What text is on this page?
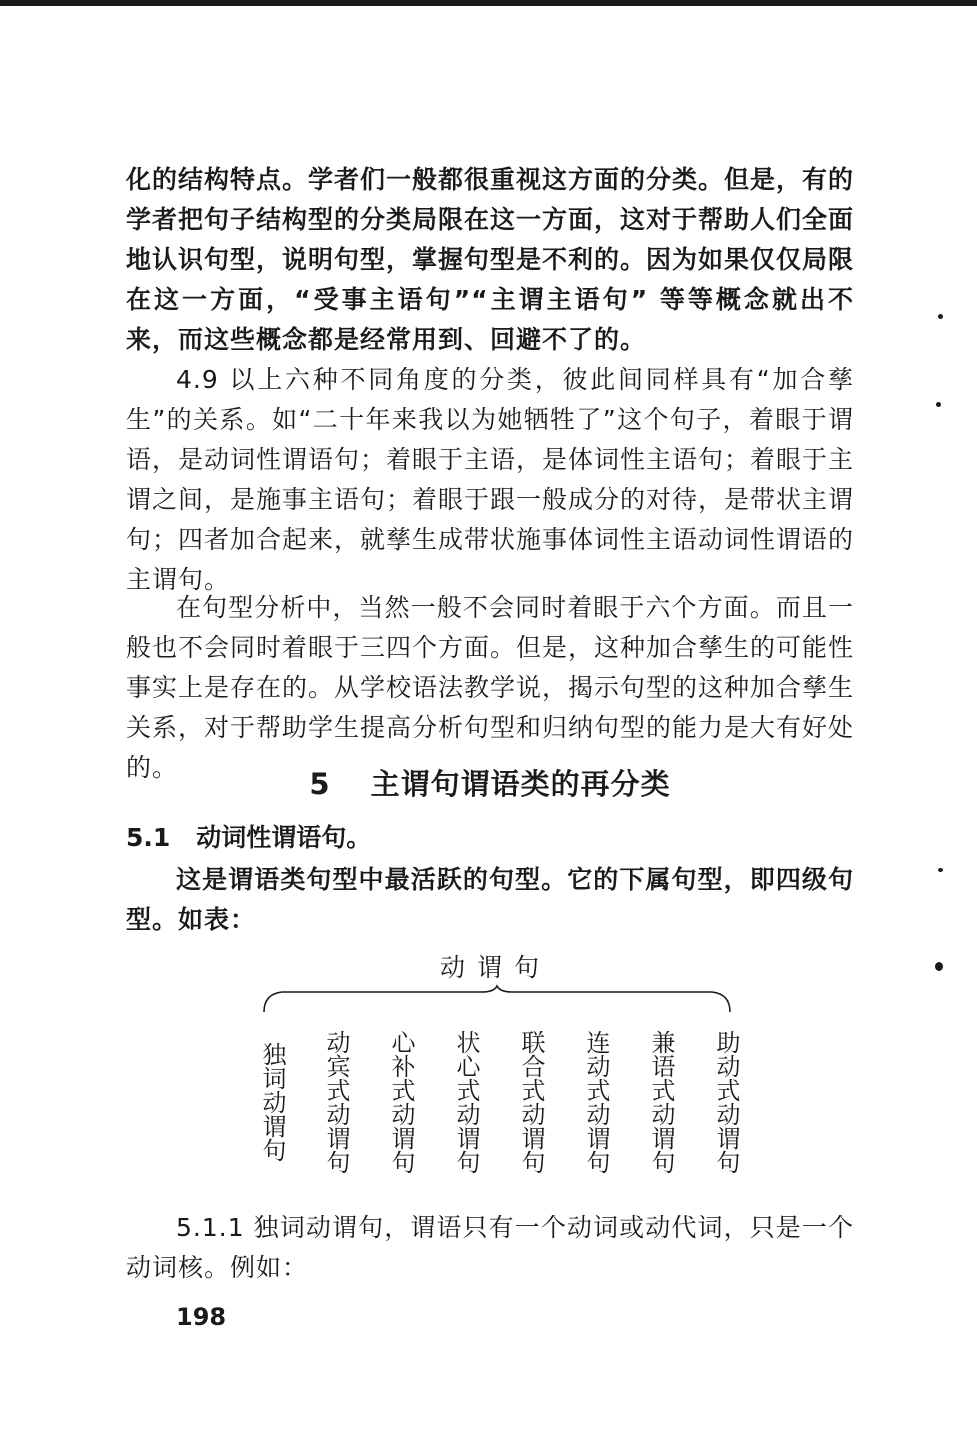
化的结构特点。学者们一般都很重视这方面的分类。但是，有的学者把句子结构型的分类局限在这一方面，这对于帮助人们全面地认识句型，说明句型，掌握句型是不利的。因为如果仅仅局限在这一方面，“受事主语句”“主谓主语句” 等等概念就出不来，而这些概念都是经常用到、回避不了的。

4.9 以上六种不同角度的分类，彼此间同样具有“加合孳生”的关系。如“二十年来我以为她牺牲了”这个句子，着眼于谓语，是动词性谓语句；着眼于主语，是体词性主语句；着眼于主谓之间，是施事主语句；着眼于跟一般成分的对待，是带状主谓句；四者加合起来，就孳生成带状施事体词性主语动词性谓语的主谓句。

在句型分析中，当然一般不会同时着眼于六个方面。而且一般也不会同时着眼于三四个方面。但是，这种加合孳生的可能性事实上是存在的。从学校语法教学说，揭示句型的这种加合孳生关系，对于帮助学生提高分析句型和归纳句型的能力是大有好处的。	5 主谓句谓语类的再分类

5.1 动词性谓语句。

这是谓语类句型中最活跃的句型。它的下属句型，即四级句型。如表：

动谓句

独词动谓句 动宾式动谓句 心补式动谓句 状心式动谓句 联合式动谓句 连动式动谓句 兼语式动谓句 助动式动谓句

5.1.1 独词动谓句，谓语只有一个动词或动代词，只是一个动词核。例如：

198
